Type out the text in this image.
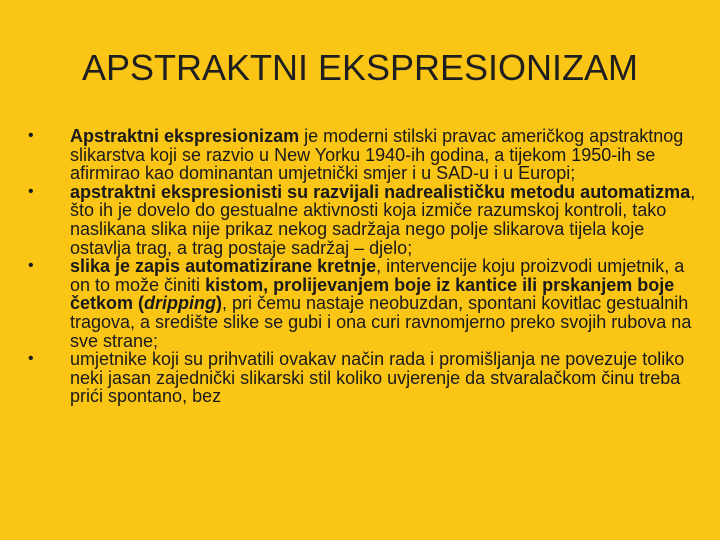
APSTRAKTNI EKSPRESIONIZAM
• Apstraktni ekspresionizam je moderni stilski pravac američkog apstraktnog slikarstva koji se razvio u New Yorku 1940-ih godina, a tijekom 1950-ih se afirmirao kao dominantan umjetnički smjer i u SAD-u i u Europi;
• apstraktni ekspresionisti su razvijali nadrealističku metodu automatizma, što ih je dovelo do gestualne aktivnosti koja izmiče razumskoj kontroli, tako naslikana slika nije prikaz nekog sadržaja nego polje slikarova tijela koje ostavlja trag, a trag postaje sadržaj – djelo;
• slika je zapis automatizirane kretnje, intervencije koju proizvodi umjetnik, a on to može činiti kistom, prolijevanjem boje iz kantice ili prskanjem boje četkom (dripping), pri čemu nastaje neobuzdan, spontani kovitlac gestualnih tragova, a središte slike se gubi i ona curi ravnomjerno preko svojih rubova na sve strane;
• umjetnike koji su prihvatili ovakav način rada i promišljanja ne povezuje toliko neki jasan zajednički slikarski stil koliko uvjerenje da stvaralačkom činu treba prići spontano, bez
